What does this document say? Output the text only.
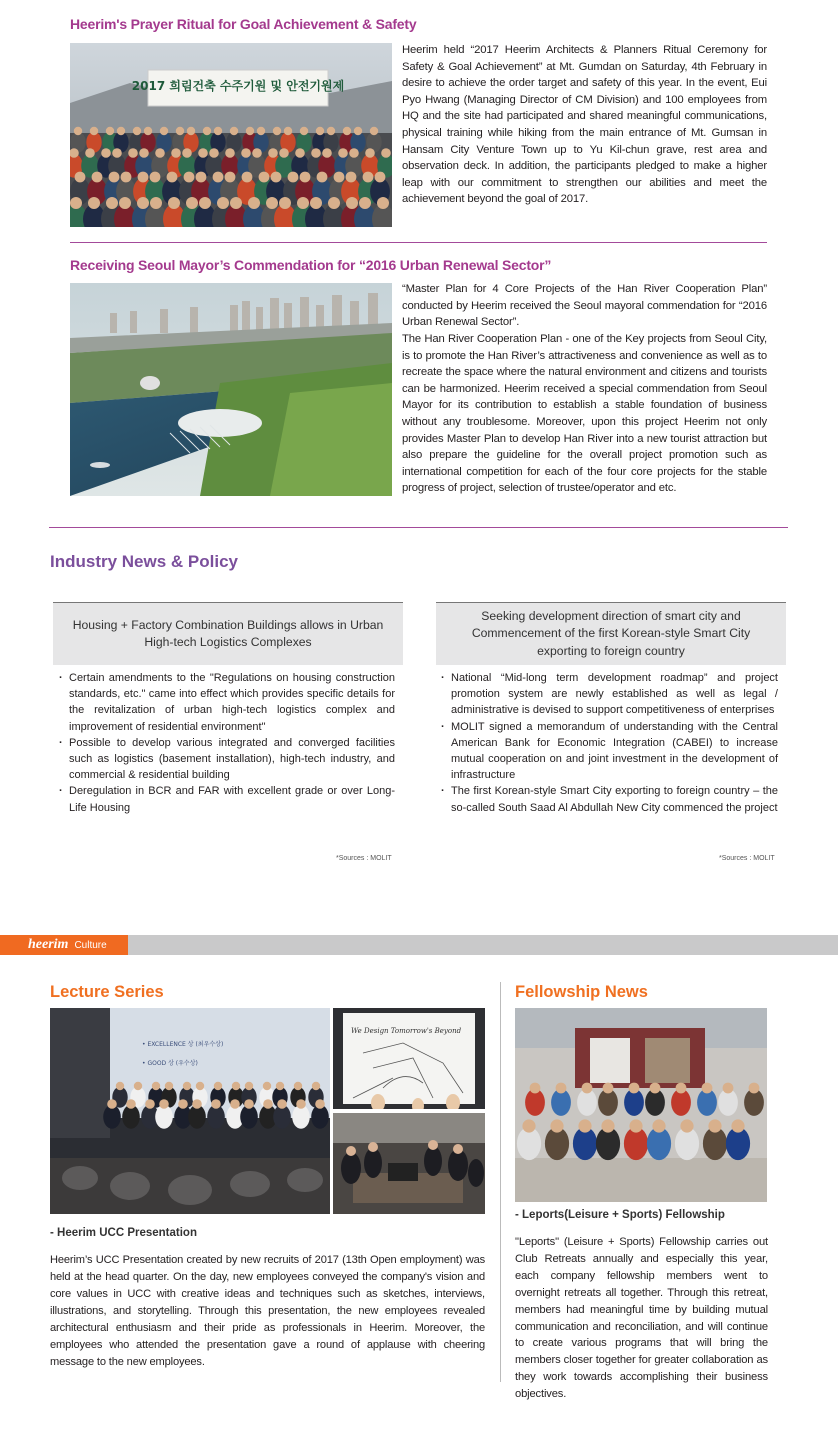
Heerim's Prayer Ritual for Goal Achievement & Safety
2017 희림건축 수주기원 및 안전기원제
Heerim held “2017 Heerim Architects & Planners Ritual Ceremony for Safety & Goal Achievement” at Mt. Gumdan on Saturday, 4th February in desire to achieve the order target and safety of this year. In the event, Eui Pyo Hwang (Managing Director of CM Division) and 100 employees from HQ and the site had participated and shared meaningful communications, physical training while hiking from the main entrance of Mt. Gumsan in Hansam City Venture Town up to Yu Kil-chun grave, rest area and observation deck. In addition, the participants pledged to make a higher leap with our commitment to strengthen our abilities and meet the achievement beyond the goal of 2017.
Receiving Seoul Mayor’s Commendation for “2016 Urban Renewal Sector”
“Master Plan for 4 Core Projects of the Han River Cooperation Plan” conducted by Heerim received the Seoul mayoral commendation for “2016 Urban Renewal Sector”.
The Han River Cooperation Plan - one of the Key projects from Seoul City, is to promote the Han River’s attractiveness and convenience as well as to recreate the space where the natural environment and citizens and tourists can be harmonized. Heerim received a special commendation from Seoul Mayor for its contribution to establish a stable foundation of business without any troublesome. Moreover, upon this project Heerim not only provides Master Plan to develop Han River into a new tourist attraction but also prepare the guideline for the overall project promotion such as international competition for each of the four core projects for the stable progress of project, selection of trustee/operator and etc.
Industry News & Policy
Housing + Factory Combination Buildings allows in Urban High-tech Logistics Complexes
· Certain amendments to the "Regulations on housing construction standards, etc." came into effect which provides specific details for the revitalization of urban high-tech logistics complex and improvement of residential environment"
· Possible to develop various integrated and converged facilities such as logistics (basement installation), high-tech industry, and commercial & residential building
· Deregulation in BCR and FAR with excellent grade or over Long-Life Housing
*Sources : MOLIT
Seeking development direction of smart city and Commencement of the first Korean-style Smart City exporting to foreign country
· National “Mid-long term development roadmap” and project promotion system are newly established as well as legal / administrative is devised to support competitiveness of enterprises
· MOLIT signed a memorandum of understanding with the Central American Bank for Economic Integration (CABEI) to increase mutual cooperation on and joint investment in the development of infrastructure
· The first Korean-style Smart City exporting to foreign country – the so-called South Saad Al Abdullah New City commenced the project
*Sources : MOLIT
heerim Culture
Lecture Series
• EXCELLENCE 상 (최우수상)
• GOOD 상 (우수상)
We Design Tomorrow's Beyond
- Heerim UCC Presentation
Heerim’s UCC Presentation created by new recruits of 2017 (13th Open employment) was held at the head quarter. On the day, new employees conveyed the company's vision and core values in UCC with creative ideas and techniques such as sketches, interviews, illustrations, and storytelling. Through this presentation, the new employees revealed architectural enthusiasm and their pride as professionals in Heerim. Moreover, the employees who attended the presentation gave a round of applause with cheering message to the new employees.
Fellowship News
- Leports(Leisure + Sports) Fellowship
"Leports" (Leisure + Sports) Fellowship carries out Club Retreats annually and especially this year, each company fellowship members went to overnight retreats all together. Through this retreat, members had meaningful time by building mutual communication and reconciliation, and will continue to create various programs that will bring the members closer together for greater collaboration as they work towards accomplishing their business objectives.
